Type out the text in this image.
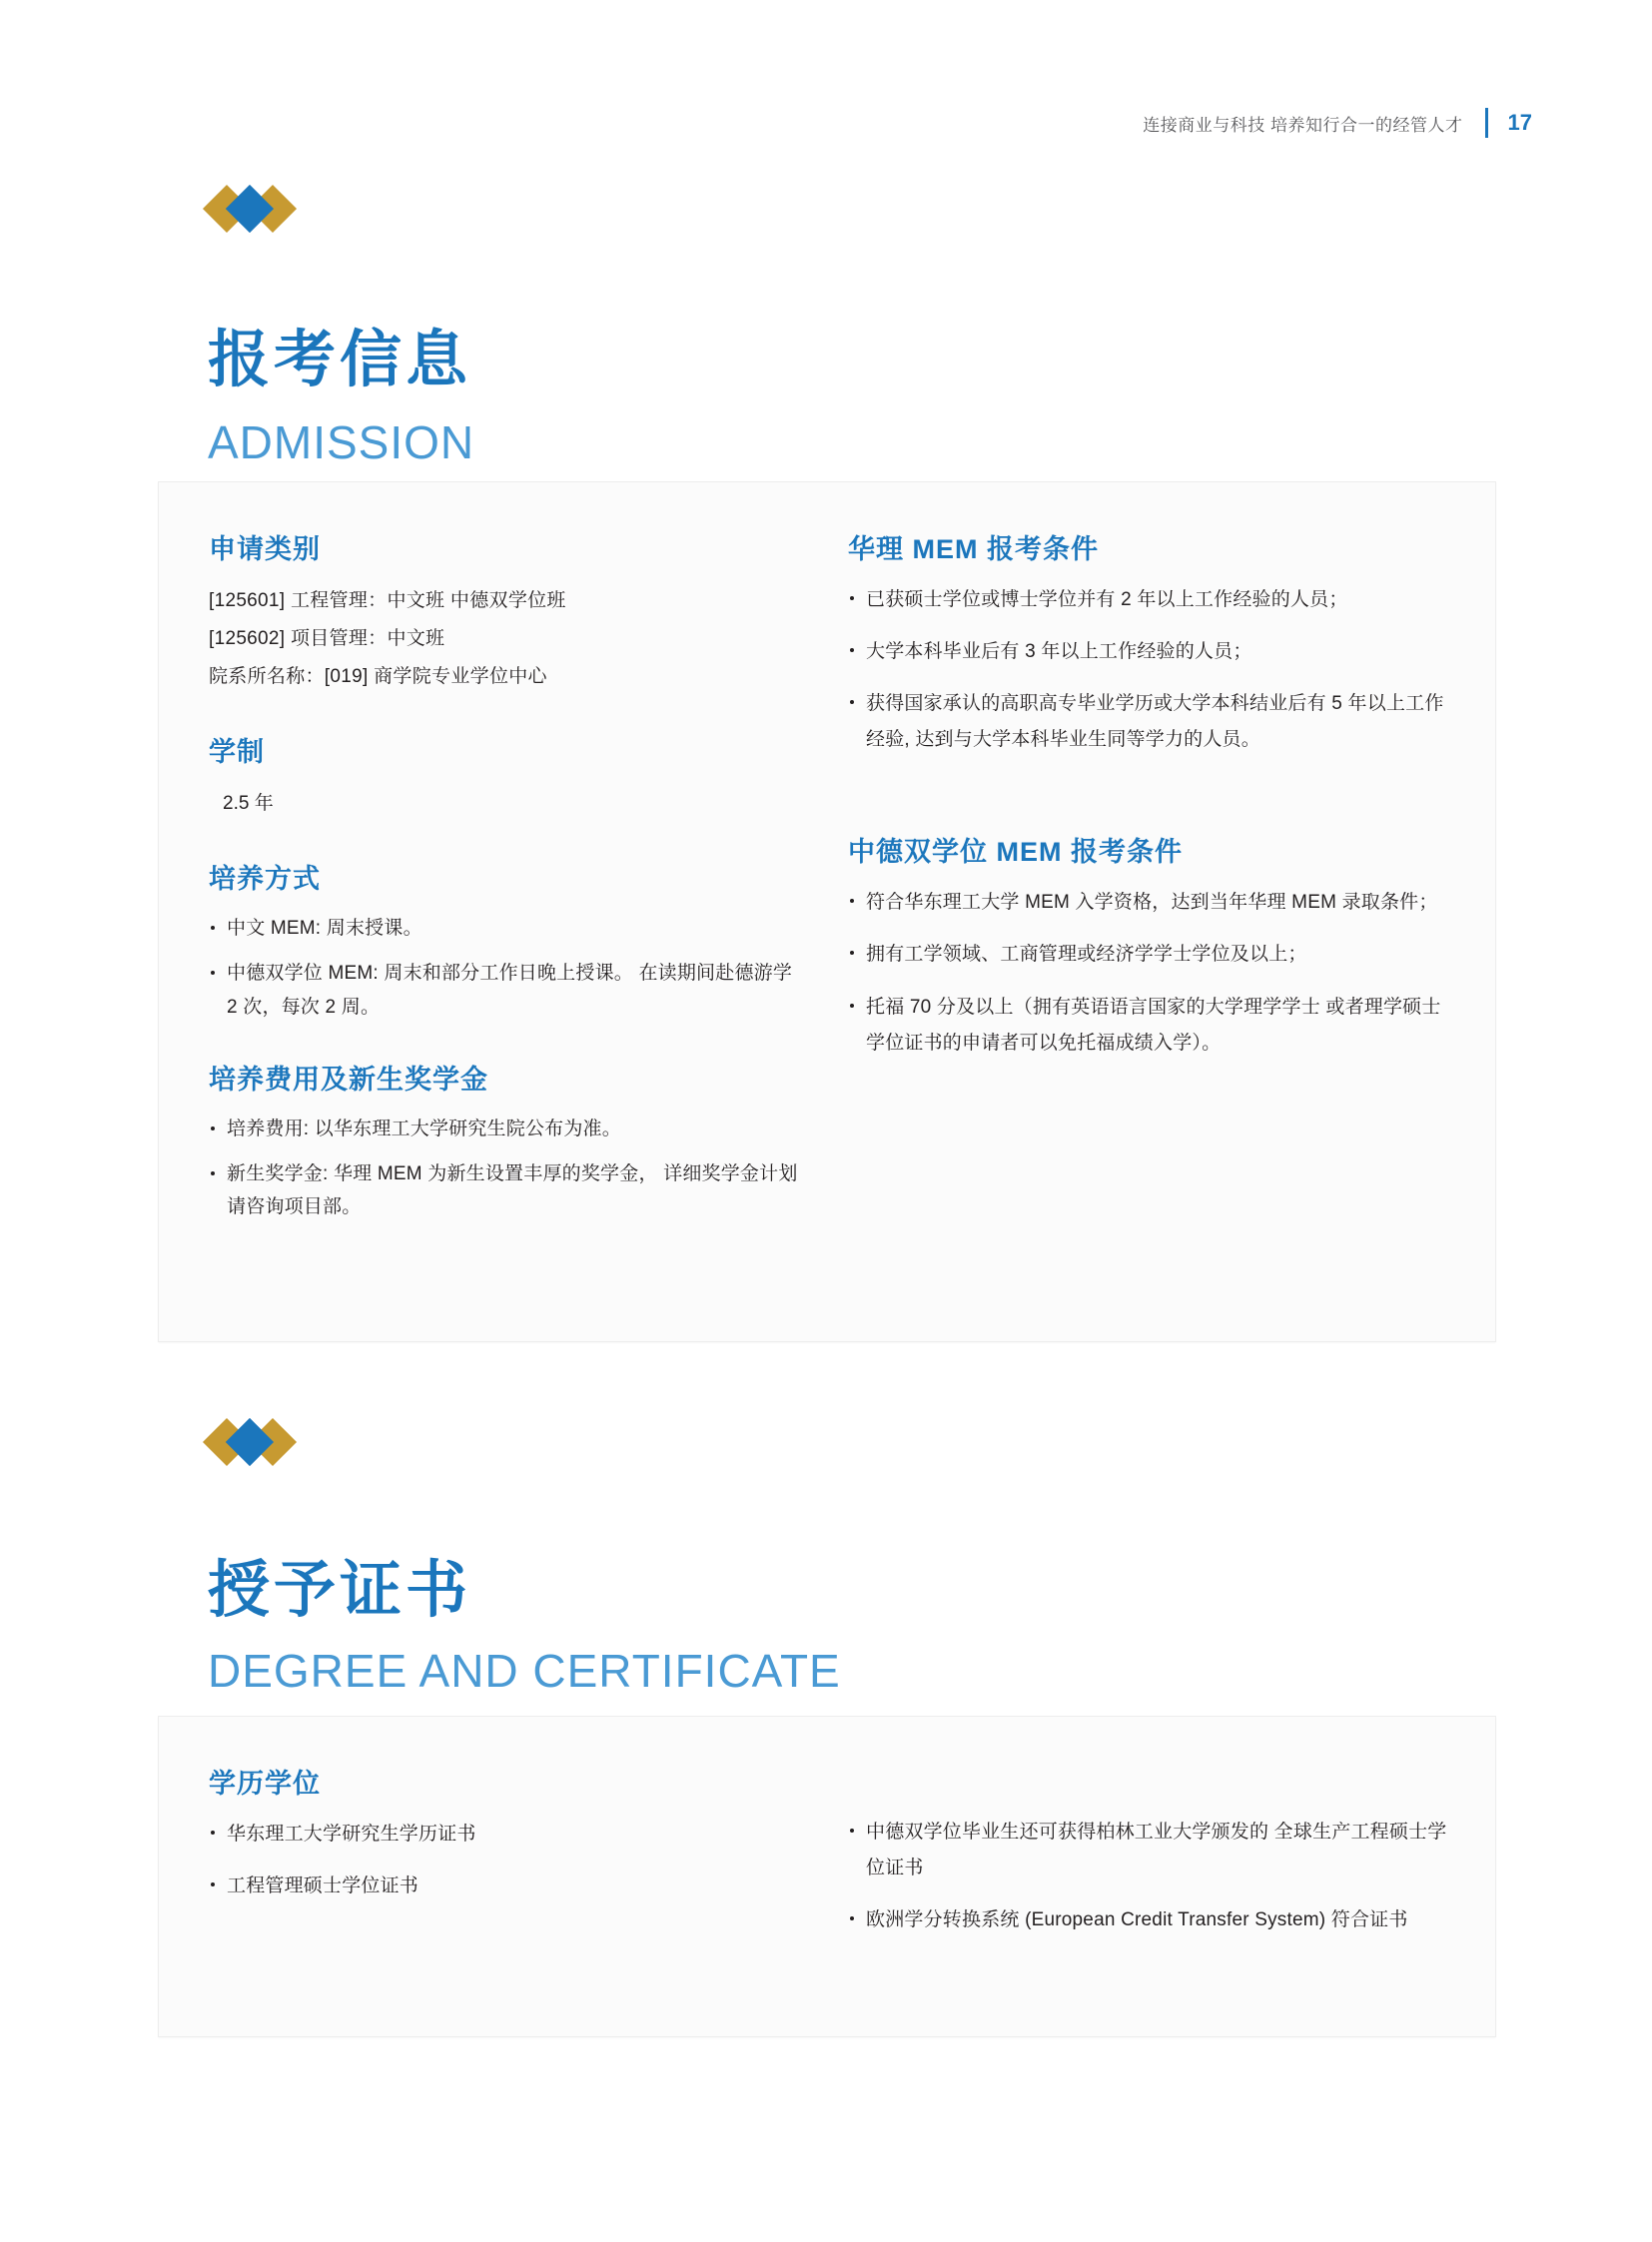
连接商业与科技 培养知行合一的经管人才	17
报考信息
ADMISSION
申请类别
[125601] 工程管理：中文班 中德双学位班
[125602] 项目管理：中文班
院系所名称：[019] 商学院专业学位中心
学制
2.5 年
培养方式
中文 MEM: 周末授课。
中德双学位 MEM: 周末和部分工作日晚上授课。 在读期间赴德游学 2 次，每次 2 周。
培养费用及新生奖学金
培养费用: 以华东理工大学研究生院公布为准。
新生奖学金: 华理 MEM 为新生设置丰厚的奖学金， 详细奖学金计划请咨询项目部。
华理 MEM 报考条件
已获硕士学位或博士学位并有 2 年以上工作经验的人员；
大学本科毕业后有 3 年以上工作经验的人员；
获得国家承认的高职高专毕业学历或大学本科结业后有 5 年以上工作经验, 达到与大学本科毕业生同等学力的人员。
中德双学位 MEM 报考条件
符合华东理工大学 MEM 入学资格，达到当年华理 MEM 录取条件；
拥有工学领域、工商管理或经济学学士学位及以上；
托福 70 分及以上（拥有英语语言国家的大学理学学士 或者理学硕士学位证书的申请者可以免托福成绩入学）。
授予证书
DEGREE AND CERTIFICATE
学历学位
华东理工大学研究生学历证书
工程管理硕士学位证书
中德双学位毕业生还可获得柏林工业大学颁发的 全球生产工程硕士学位证书
欧洲学分转换系统 (European Credit Transfer System) 符合证书
